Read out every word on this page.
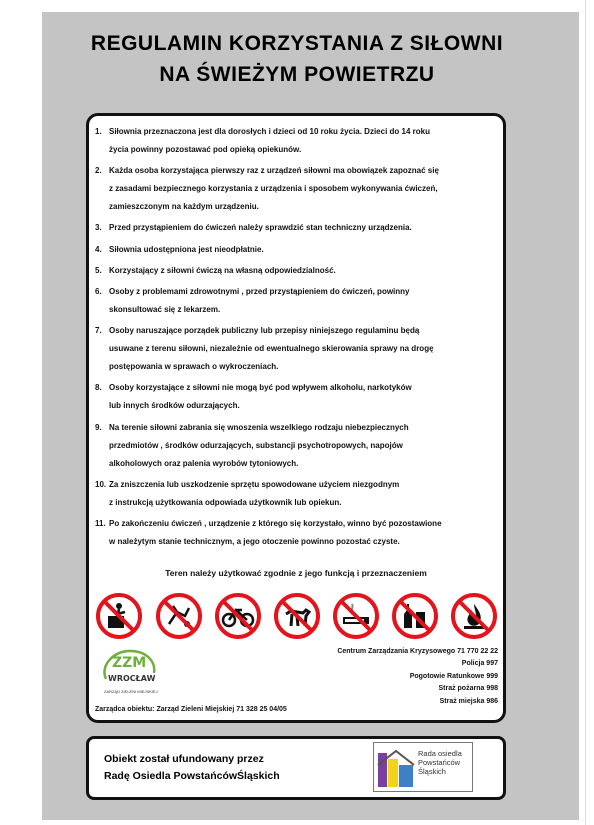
REGULAMIN KORZYSTANIA Z SIŁOWNI
NA ŚWIEŻYM POWIETRZU
1. Siłownia przeznaczona jest dla dorosłych i dzieci od 10 roku życia. Dzieci do 14 roku
życia powinny pozostawać pod opieką opiekunów.
2. Każda osoba korzystająca pierwszy raz z urządzeń siłowni ma obowiązek zapoznać się
z zasadami bezpiecznego korzystania z urządzenia i sposobem wykonywania ćwiczeń,
zamieszczonym na każdym urządzeniu.
3. Przed przystąpieniem do ćwiczeń należy sprawdzić stan techniczny urządzenia.
4. Siłownia udostępniona jest nieodpłatnie.
5. Korzystający z siłowni ćwiczą na własną odpowiedzialność.
6. Osoby z problemami zdrowotnymi , przed przystąpieniem do ćwiczeń, powinny
skonsultować się z lekarzem.
7. Osoby naruszające porządek publiczny lub przepisy niniejszego regulaminu będą
usuwane z terenu siłowni, niezależnie od ewentualnego skierowania sprawy na drogę
postępowania w sprawach o wykroczeniach.
8. Osoby korzystające z siłowni nie mogą być pod wpływem alkoholu, narkotyków
lub innych środków odurzających.
9. Na terenie siłowni zabrania się wnoszenia wszelkiego rodzaju niebezpiecznych
przedmiotów , środków odurzających, substancji psychotropowych, napojów
alkoholowych oraz palenia wyrobów tytoniowych.
10. Za zniszczenia lub uszkodzenie sprzętu spowodowane użyciem niezgodnym
z instrukcją użytkowania odpowiada użytkownik lub opiekun.
11. Po zakończeniu ćwiczeń , urządzenie z którego się korzystało, winno być pozostawione
w należytym stanie technicznym, a jego otoczenie powinno pozostać czyste.
Teren należy użytkować zgodnie z jego funkcją i przeznaczeniem
ZZM
WROCŁAW
ZARZĄD ZIELENI MIEJSKIEJ
Centrum Zarządzania Kryzysowego 71 770 22 22
Policja 997
Pogotowie Ratunkowe 999
Straż pożarna 998
Straż miejska 986
Zarządca obiektu: Zarząd Zieleni Miejskiej 71 328 25 04/05
Obiekt został ufundowany przez
Radę Osiedla PowstańcówŚląskich
Rada osiedla
Powstańców
Śląskich
